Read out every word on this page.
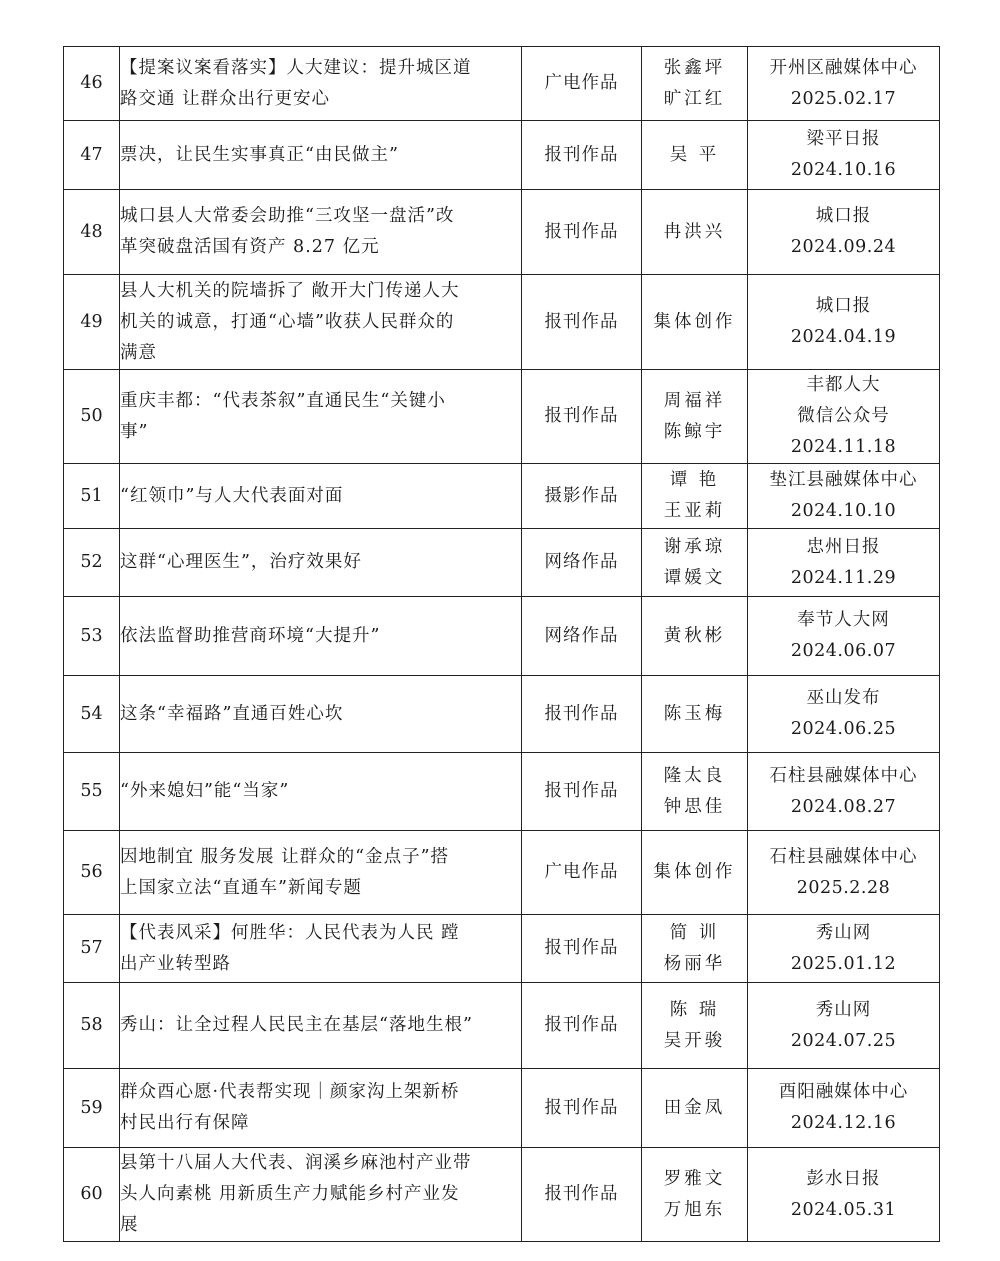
46	【提案议案看落实】人大建议：提升城区道
路交通 让群众出行更安心	广电作品	张鑫坪
旷江红	开州区融媒体中心
2025.02.17

47	票决，让民生实事真正“由民做主”	报刊作品	吴 平	梁平日报
2024.10.16

48	城口县人大常委会助推“三攻坚一盘活”改
革突破盘活国有资产 8.27 亿元	报刊作品	冉洪兴	城口报
2024.09.24

49	县人大机关的院墙拆了 敞开大门传递人大
机关的诚意，打通“心墙”收获人民群众的
满意	报刊作品	集体创作	城口报
2024.04.19

50	重庆丰都：“代表茶叙”直通民生“关键小
事”	报刊作品	周福祥
陈鲸宇	丰都人大
微信公众号
2024.11.18

51	“红领巾”与人大代表面对面	摄影作品	谭 艳
王亚莉	垫江县融媒体中心
2024.10.10

52	这群“心理医生”，治疗效果好	网络作品	谢承琼
谭媛文	忠州日报
2024.11.29

53	依法监督助推营商环境“大提升”	网络作品	黄秋彬	奉节人大网
2024.06.07

54	这条“幸福路”直通百姓心坎	报刊作品	陈玉梅	巫山发布
2024.06.25

55	“外来媳妇”能“当家”	报刊作品	隆太良
钟思佳	石柱县融媒体中心
2024.08.27

56	因地制宜 服务发展 让群众的“金点子”搭
上国家立法“直通车”新闻专题	广电作品	集体创作	石柱县融媒体中心
2025.2.28

57	【代表风采】何胜华：人民代表为人民 蹚
出产业转型路	报刊作品	简 训
杨丽华	秀山网
2025.01.12

58	秀山：让全过程人民民主在基层“落地生根”	报刊作品	陈 瑞
吴开骏	秀山网
2024.07.25

59	群众酉心愿·代表帮实现｜颜家沟上架新桥
村民出行有保障	报刊作品	田金凤	酉阳融媒体中心
2024.12.16

60	县第十八届人大代表、润溪乡麻池村产业带
头人向素桃 用新质生产力赋能乡村产业发
展	报刊作品	罗雅文
万旭东	彭水日报
2024.05.31
